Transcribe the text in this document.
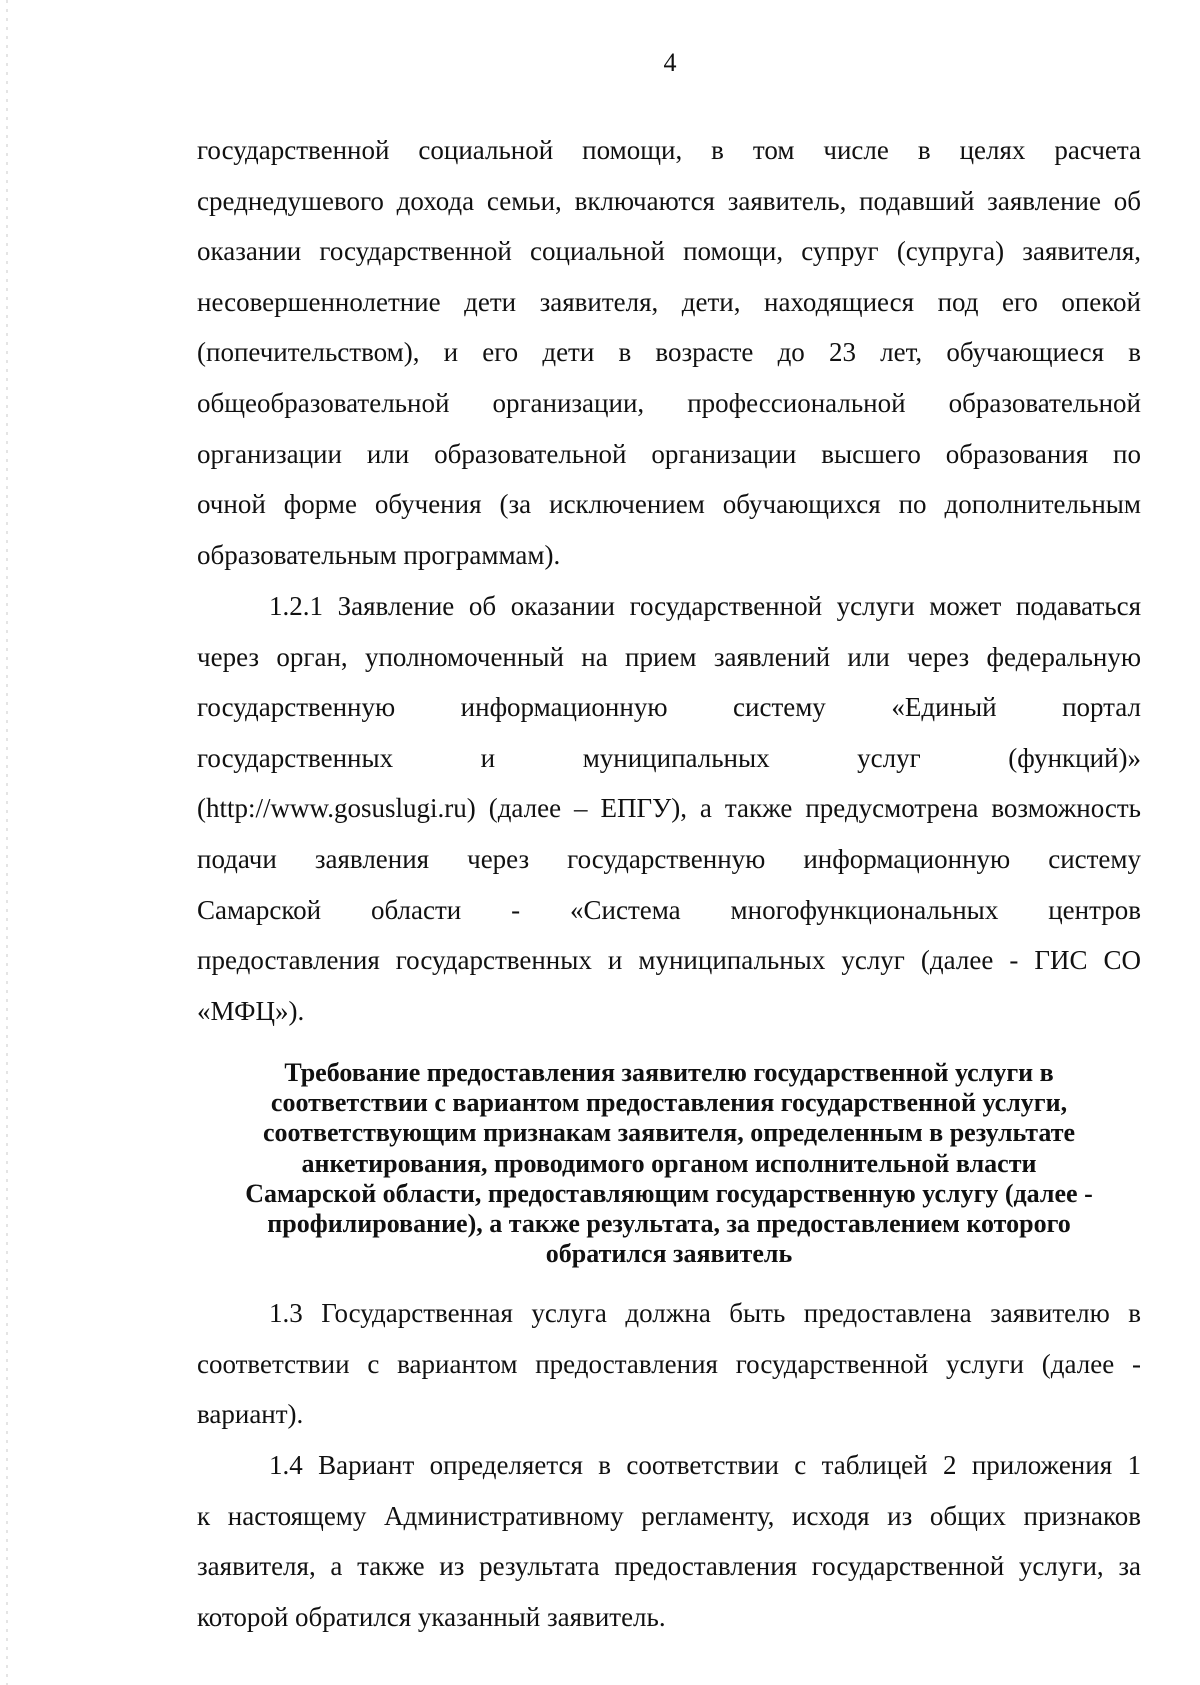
4
государственной социальной помощи, в том числе в целях расчета
среднедушевого дохода семьи, включаются заявитель, подавший заявление об
оказании государственной социальной помощи, супруг (супруга) заявителя,
несовершеннолетние дети заявителя, дети, находящиеся под его опекой
(попечительством), и его дети в возрасте до 23 лет, обучающиеся в
общеобразовательной организации, профессиональной образовательной
организации или образовательной организации высшего образования по
очной форме обучения (за исключением обучающихся по дополнительным
образовательным программам).
1.2.1 Заявление об оказании государственной услуги может подаваться
через орган, уполномоченный на прием заявлений или через федеральную
государственную информационную систему «Единый портал
государственных и муниципальных услуг (функций)»
(http://www.gosuslugi.ru) (далее – ЕПГУ), а также предусмотрена возможность
подачи заявления через государственную информационную систему
Самарской области - «Система многофункциональных центров
предоставления государственных и муниципальных услуг (далее - ГИС СО
«МФЦ»).
Требование предоставления заявителю государственной услуги в
соответствии с вариантом предоставления государственной услуги,
соответствующим признакам заявителя, определенным в результате
анкетирования, проводимого органом исполнительной власти
Самарской области, предоставляющим государственную услугу (далее -
профилирование), а также результата, за предоставлением которого
обратился заявитель
1.3 Государственная услуга должна быть предоставлена заявителю в
соответствии с вариантом предоставления государственной услуги (далее -
вариант).
1.4 Вариант определяется в соответствии с таблицей 2 приложения 1
к настоящему Административному регламенту, исходя из общих признаков
заявителя, а также из результата предоставления государственной услуги, за
которой обратился указанный заявитель.
